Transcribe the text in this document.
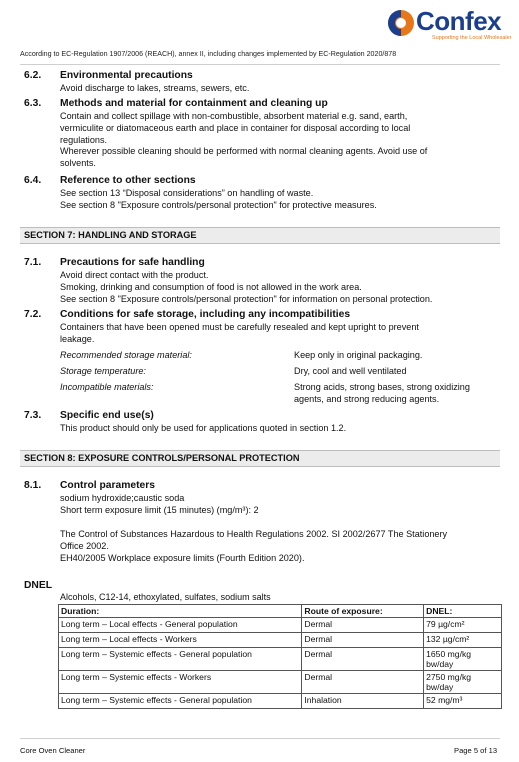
Confex
Supporting the Local Wholesaler
According to EC-Regulation 1907/2006 (REACH), annex II, including changes implemented by EC-Regulation 2020/878
6.2. Environmental precautions
Avoid discharge to lakes, streams, sewers, etc.
6.3. Methods and material for containment and cleaning up
Contain and collect spillage with non-combustible, absorbent material e.g. sand, earth,
vermiculite or diatomaceous earth and place in container for disposal according to local
regulations.
Wherever possible cleaning should be performed with normal cleaning agents. Avoid use of
solvents.
6.4. Reference to other sections
See section 13 “Disposal considerations” on handling of waste.
See section 8 "Exposure controls/personal protection" for protective measures.
SECTION 7: HANDLING AND STORAGE
7.1. Precautions for safe handling
Avoid direct contact with the product.
Smoking, drinking and consumption of food is not allowed in the work area.
See section 8 "Exposure controls/personal protection" for information on personal protection.
7.2. Conditions for safe storage, including any incompatibilities
Containers that have been opened must be carefully resealed and kept upright to prevent
leakage.
Recommended storage material:	Keep only in original packaging.
Storage temperature:	Dry, cool and well ventilated
Incompatible materials:	Strong acids, strong bases, strong oxidizing
agents, and strong reducing agents.
7.3. Specific end use(s)
This product should only be used for applications quoted in section 1.2.
SECTION 8: EXPOSURE CONTROLS/PERSONAL PROTECTION
8.1. Control parameters
sodium hydroxide;caustic soda
Short term exposure limit (15 minutes) (mg/m³): 2
The Control of Substances Hazardous to Health Regulations 2002. SI 2002/2677 The Stationery
Office 2002.
EH40/2005 Workplace exposure limits (Fourth Edition 2020).
DNEL
Alcohols, C12-14, ethoxylated, sulfates, sodium salts
Duration:	Route of exposure:	DNEL:
Long term – Local effects - General population	Dermal	79 µg/cm²
Long term – Local effects - Workers	Dermal	132 µg/cm²
Long term – Systemic effects - General population	Dermal	1650 mg/kg
bw/day

Long term – Systemic effects - Workers	Dermal	2750 mg/kg
bw/day

Long term – Systemic effects - General population	Inhalation	52 mg/m³
Core Oven Cleaner	Page 5 of 13
